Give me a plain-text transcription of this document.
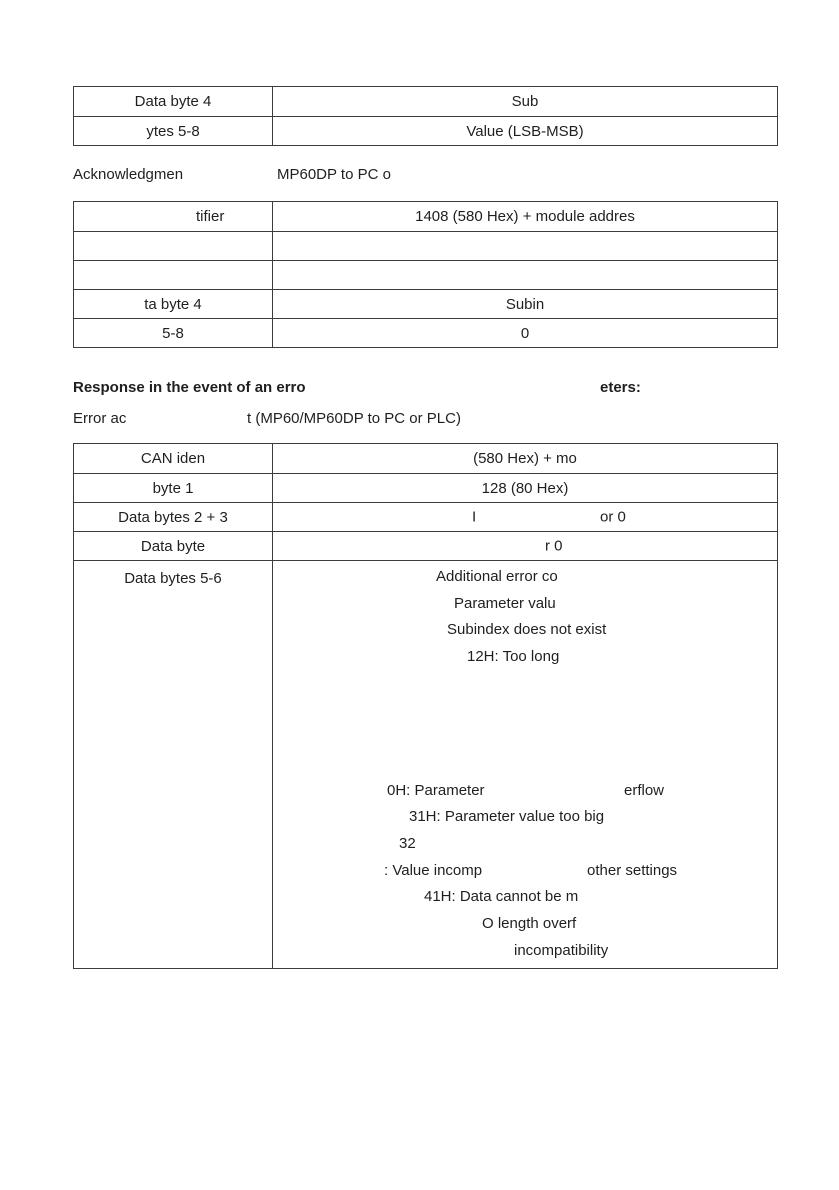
Data byte 4	Sub
ytes 5-8	Value (LSB-MSB)
Acknowledgmen	MP60DP to PC o
tifier	1408 (580 Hex) + module addres
ta byte 4	Subin
5-8	0
Response in the event of an erro	eters:
Error ac	t (MP60/MP60DP to PC or PLC)
CAN iden	(580 Hex) + mo
byte 1	128 (80 Hex)
Data bytes 2 + 3	I	or 0
Data byte	r 0
Data bytes 5-6	Additional error co
Parameter valu
Subindex does not exist
12H: Too long
0H: Parameter	erflow
31H: Parameter value too big
32
: Value incomp	other settings
41H: Data cannot be m
O length overf
incompatibility
